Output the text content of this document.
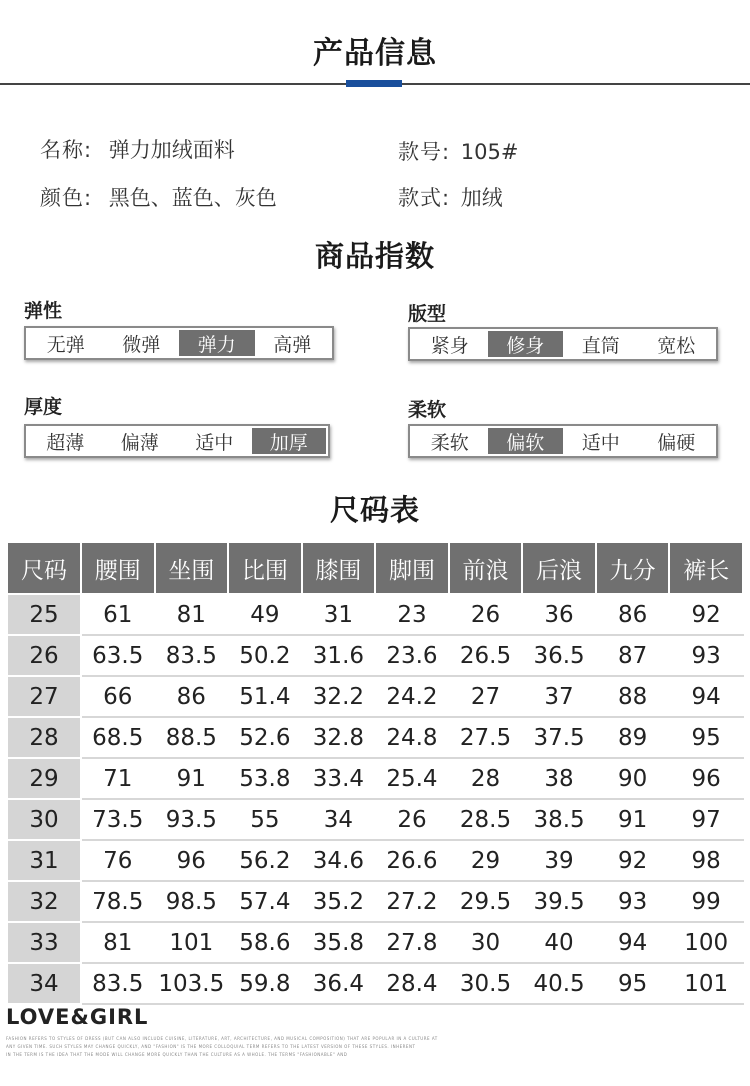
产品信息
名称: 弹力加绒面料	款号: 105#
颜色: 黑色、蓝色、灰色	款式: 加绒
商品指数
弹性
无弹	微弹	弹力	高弹
版型
紧身	修身	直筒	宽松
厚度
超薄	偏薄	适中	加厚
柔软
柔软	偏软	适中	偏硬
尺码表
尺码	腰围	坐围	比围	膝围	脚围	前浪	后浪	九分	裤长
25	61	81	49	31	23	26	36	86	92
26	63.5	83.5	50.2	31.6	23.6	26.5	36.5	87	93
27	66	86	51.4	32.2	24.2	27	37	88	94
28	68.5	88.5	52.6	32.8	24.8	27.5	37.5	89	95
29	71	91	53.8	33.4	25.4	28	38	90	96
30	73.5	93.5	55	34	26	28.5	38.5	91	97
31	76	96	56.2	34.6	26.6	29	39	92	98
32	78.5	98.5	57.4	35.2	27.2	29.5	39.5	93	99
33	81	101	58.6	35.8	27.8	30	40	94	100
34	83.5	103.5	59.8	36.4	28.4	30.5	40.5	95	101
LOVE&GIRL
FASHION REFERS TO STYLES OF DRESS (BUT CAN ALSO INCLUDE CUISINE, LITERATURE, ART, ARCHITECTURE, AND MUSICAL COMPOSITION) THAT ARE POPULAR IN A CULTURE AT
ANY GIVEN TIME. SUCH STYLES MAY CHANGE QUICKLY, AND "FASHION" IS THE MORE COLLOQUIAL TERM REFERS TO THE LATEST VERSION OF THESE STYLES. INHERENT
IN THE TERM IS THE IDEA THAT THE MODE WILL CHANGE MORE QUICKLY THAN THE CULTURE AS A WHOLE. THE TERMS "FASHIONABLE" AND
